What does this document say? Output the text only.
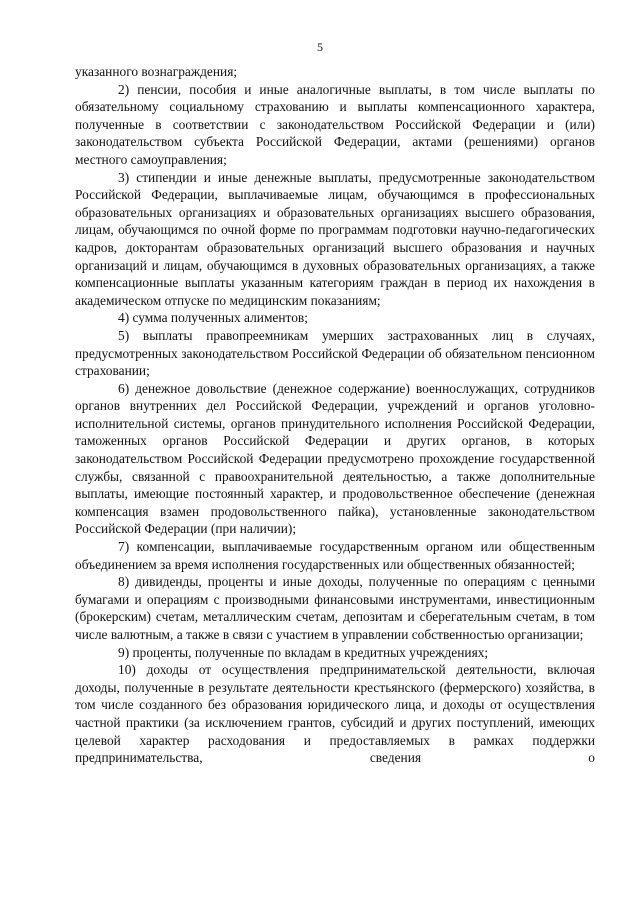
5

указанного вознаграждения;

2) пенсии, пособия и иные аналогичные выплаты, в том числе выплаты по обязательному социальному страхованию и выплаты компенсационного характера, полученные в соответствии с законодательством Российской Федерации и (или) законодательством субъекта Российской Федерации, актами (решениями) органов местного самоуправления;

3) стипендии и иные денежные выплаты, предусмотренные законодательством Российской Федерации, выплачиваемые лицам, обучающимся в профессиональных образовательных организациях и образовательных организациях высшего образования, лицам, обучающимся по очной форме по программам подготовки научно-педагогических кадров, докторантам образовательных организаций высшего образования и научных организаций и лицам, обучающимся в духовных образовательных организациях, а также компенсационные выплаты указанным категориям граждан в период их нахождения в академическом отпуске по медицинским показаниям;

4) сумма полученных алиментов;

5) выплаты правопреемникам умерших застрахованных лиц в случаях, предусмотренных законодательством Российской Федерации об обязательном пенсионном страховании;

6) денежное довольствие (денежное содержание) военнослужащих, сотрудников органов внутренних дел Российской Федерации, учреждений и органов уголовно-исполнительной системы, органов принудительного исполнения Российской Федерации, таможенных органов Российской Федерации и других органов, в которых законодательством Российской Федерации предусмотрено прохождение государственной службы, связанной с правоохранительной деятельностью, а также дополнительные выплаты, имеющие постоянный характер, и продовольственное обеспечение (денежная компенсация взамен продовольственного пайка), установленные законодательством Российской Федерации (при наличии);

7) компенсации, выплачиваемые государственным органом или общественным объединением за время исполнения государственных или общественных обязанностей;

8) дивиденды, проценты и иные доходы, полученные по операциям с ценными бумагами и операциям с производными финансовыми инструментами, инвестиционным (брокерским) счетам, металлическим счетам, депозитам и сберегательным счетам, в том числе валютным, а также в связи с участием в управлении собственностью организации;

9) проценты, полученные по вкладам в кредитных учреждениях;

10) доходы от осуществления предпринимательской деятельности, включая доходы, полученные в результате деятельности крестьянского (фермерского) хозяйства, в том числе созданного без образования юридического лица, и доходы от осуществления частной практики (за исключением грантов, субсидий и других поступлений, имеющих целевой характер расходования и предоставляемых в рамках поддержки предпринимательства, сведения о
